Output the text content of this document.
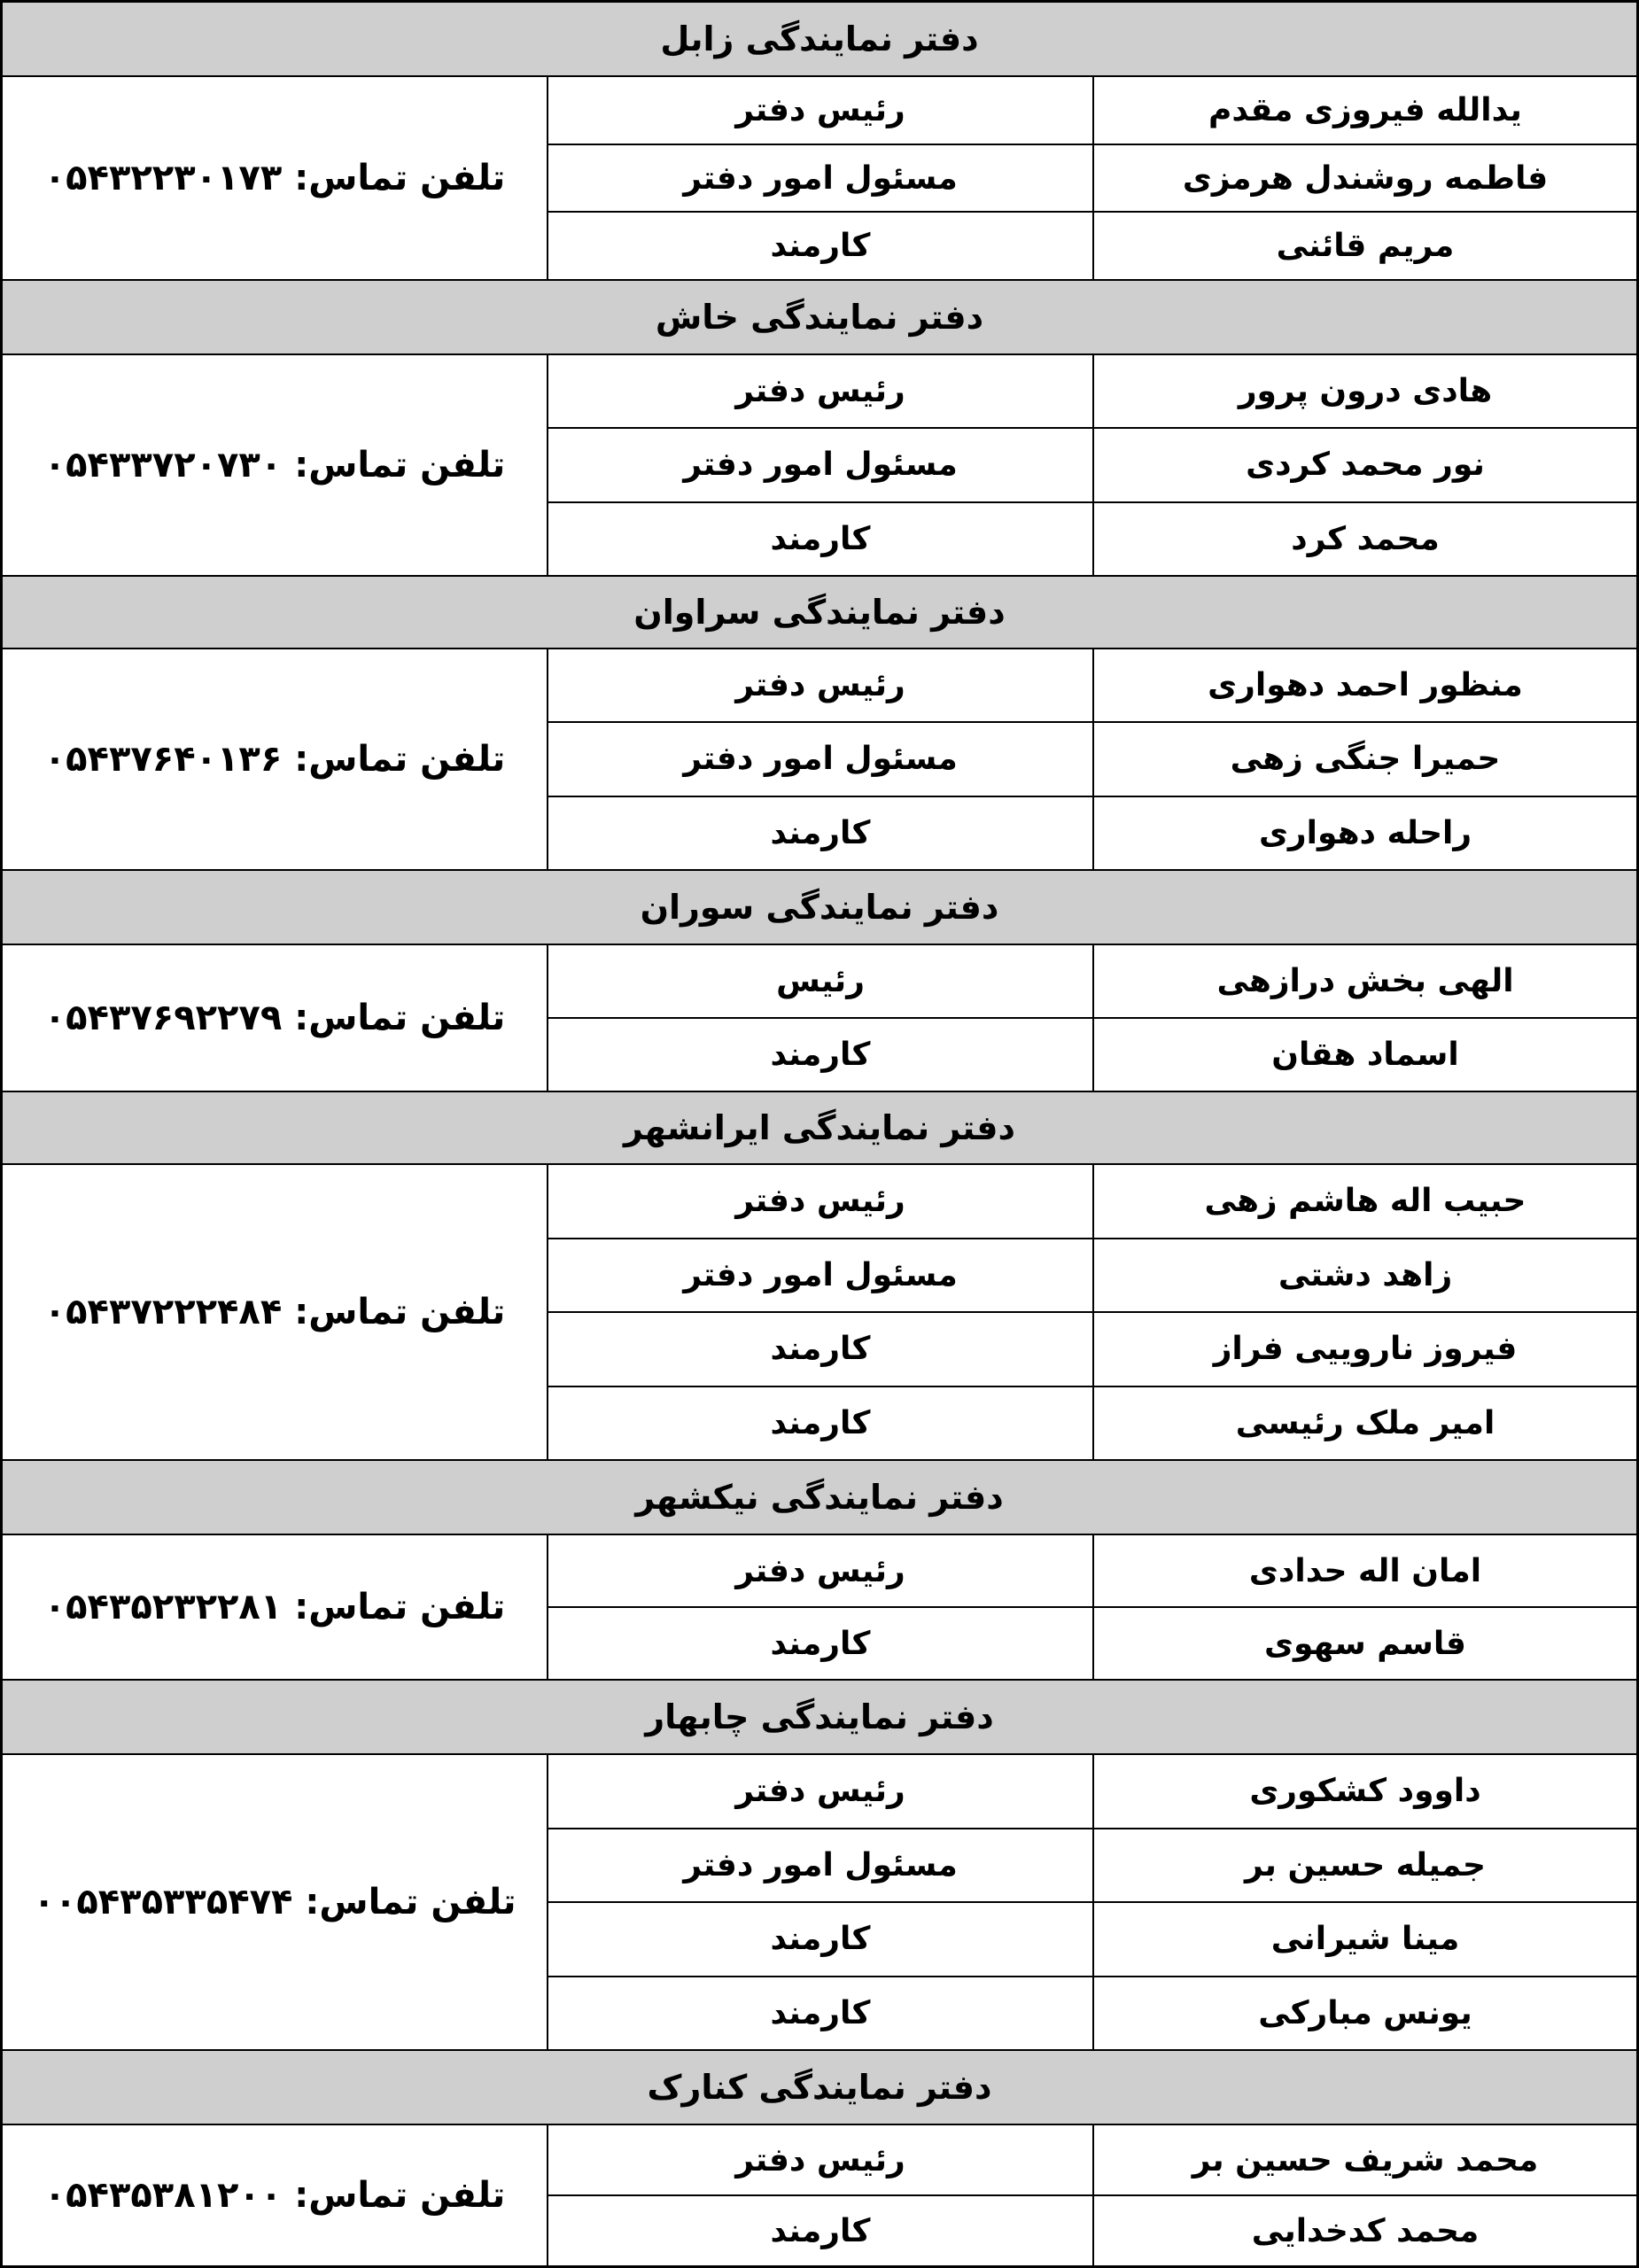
دفتر نمایندگی زابل
تلفن تماس: ۰۵۴۳۲۲۳۰۱۷۳
رئیس دفتر	یدالله فیروزی مقدم
مسئول امور دفتر	فاطمه روشندل هرمزی
کارمند	مریم قائنی
دفتر نمایندگی خاش
تلفن تماس: ۰۵۴۳۳۷۲۰۷۳۰
رئیس دفتر	هادی درون پرور
مسئول امور دفتر	نور محمد کردی
کارمند	محمد کرد
دفتر نمایندگی سراوان
تلفن تماس: ۰۵۴۳۷۶۴۰۱۳۶
رئیس دفتر	منظور احمد دهواری
مسئول امور دفتر	حمیرا جنگی زهی
کارمند	راحله دهواری
دفتر نمایندگی سوران
تلفن تماس: ۰۵۴۳۷۶۹۲۲۷۹
رئیس	الهی بخش درازهی
کارمند	اسماد هقان
دفتر نمایندگی ایرانشهر
تلفن تماس: ۰۵۴۳۷۲۲۲۴۸۴
رئیس دفتر	حبیب اله هاشم زهی
مسئول امور دفتر	زاهد دشتی
کارمند	فیروز ناروییی فراز
کارمند	امیر ملک رئیسی
دفتر نمایندگی نیکشهر
تلفن تماس: ۰۵۴۳۵۲۳۲۲۸۱
رئیس دفتر	امان اله حدادی
کارمند	قاسم سهوی
دفتر نمایندگی چابهار
تلفن تماس: ۰۰۵۴۳۵۳۳۵۴۷۴
رئیس دفتر	داوود کشکوری
مسئول امور دفتر	جمیله حسین بر
کارمند	مینا شیرانی
کارمند	یونس مبارکی
دفتر نمایندگی کنارک
تلفن تماس: ۰۵۴۳۵۳۸۱۲۰۰
رئیس دفتر	محمد شریف حسین بر
کارمند	محمد کدخدایی
